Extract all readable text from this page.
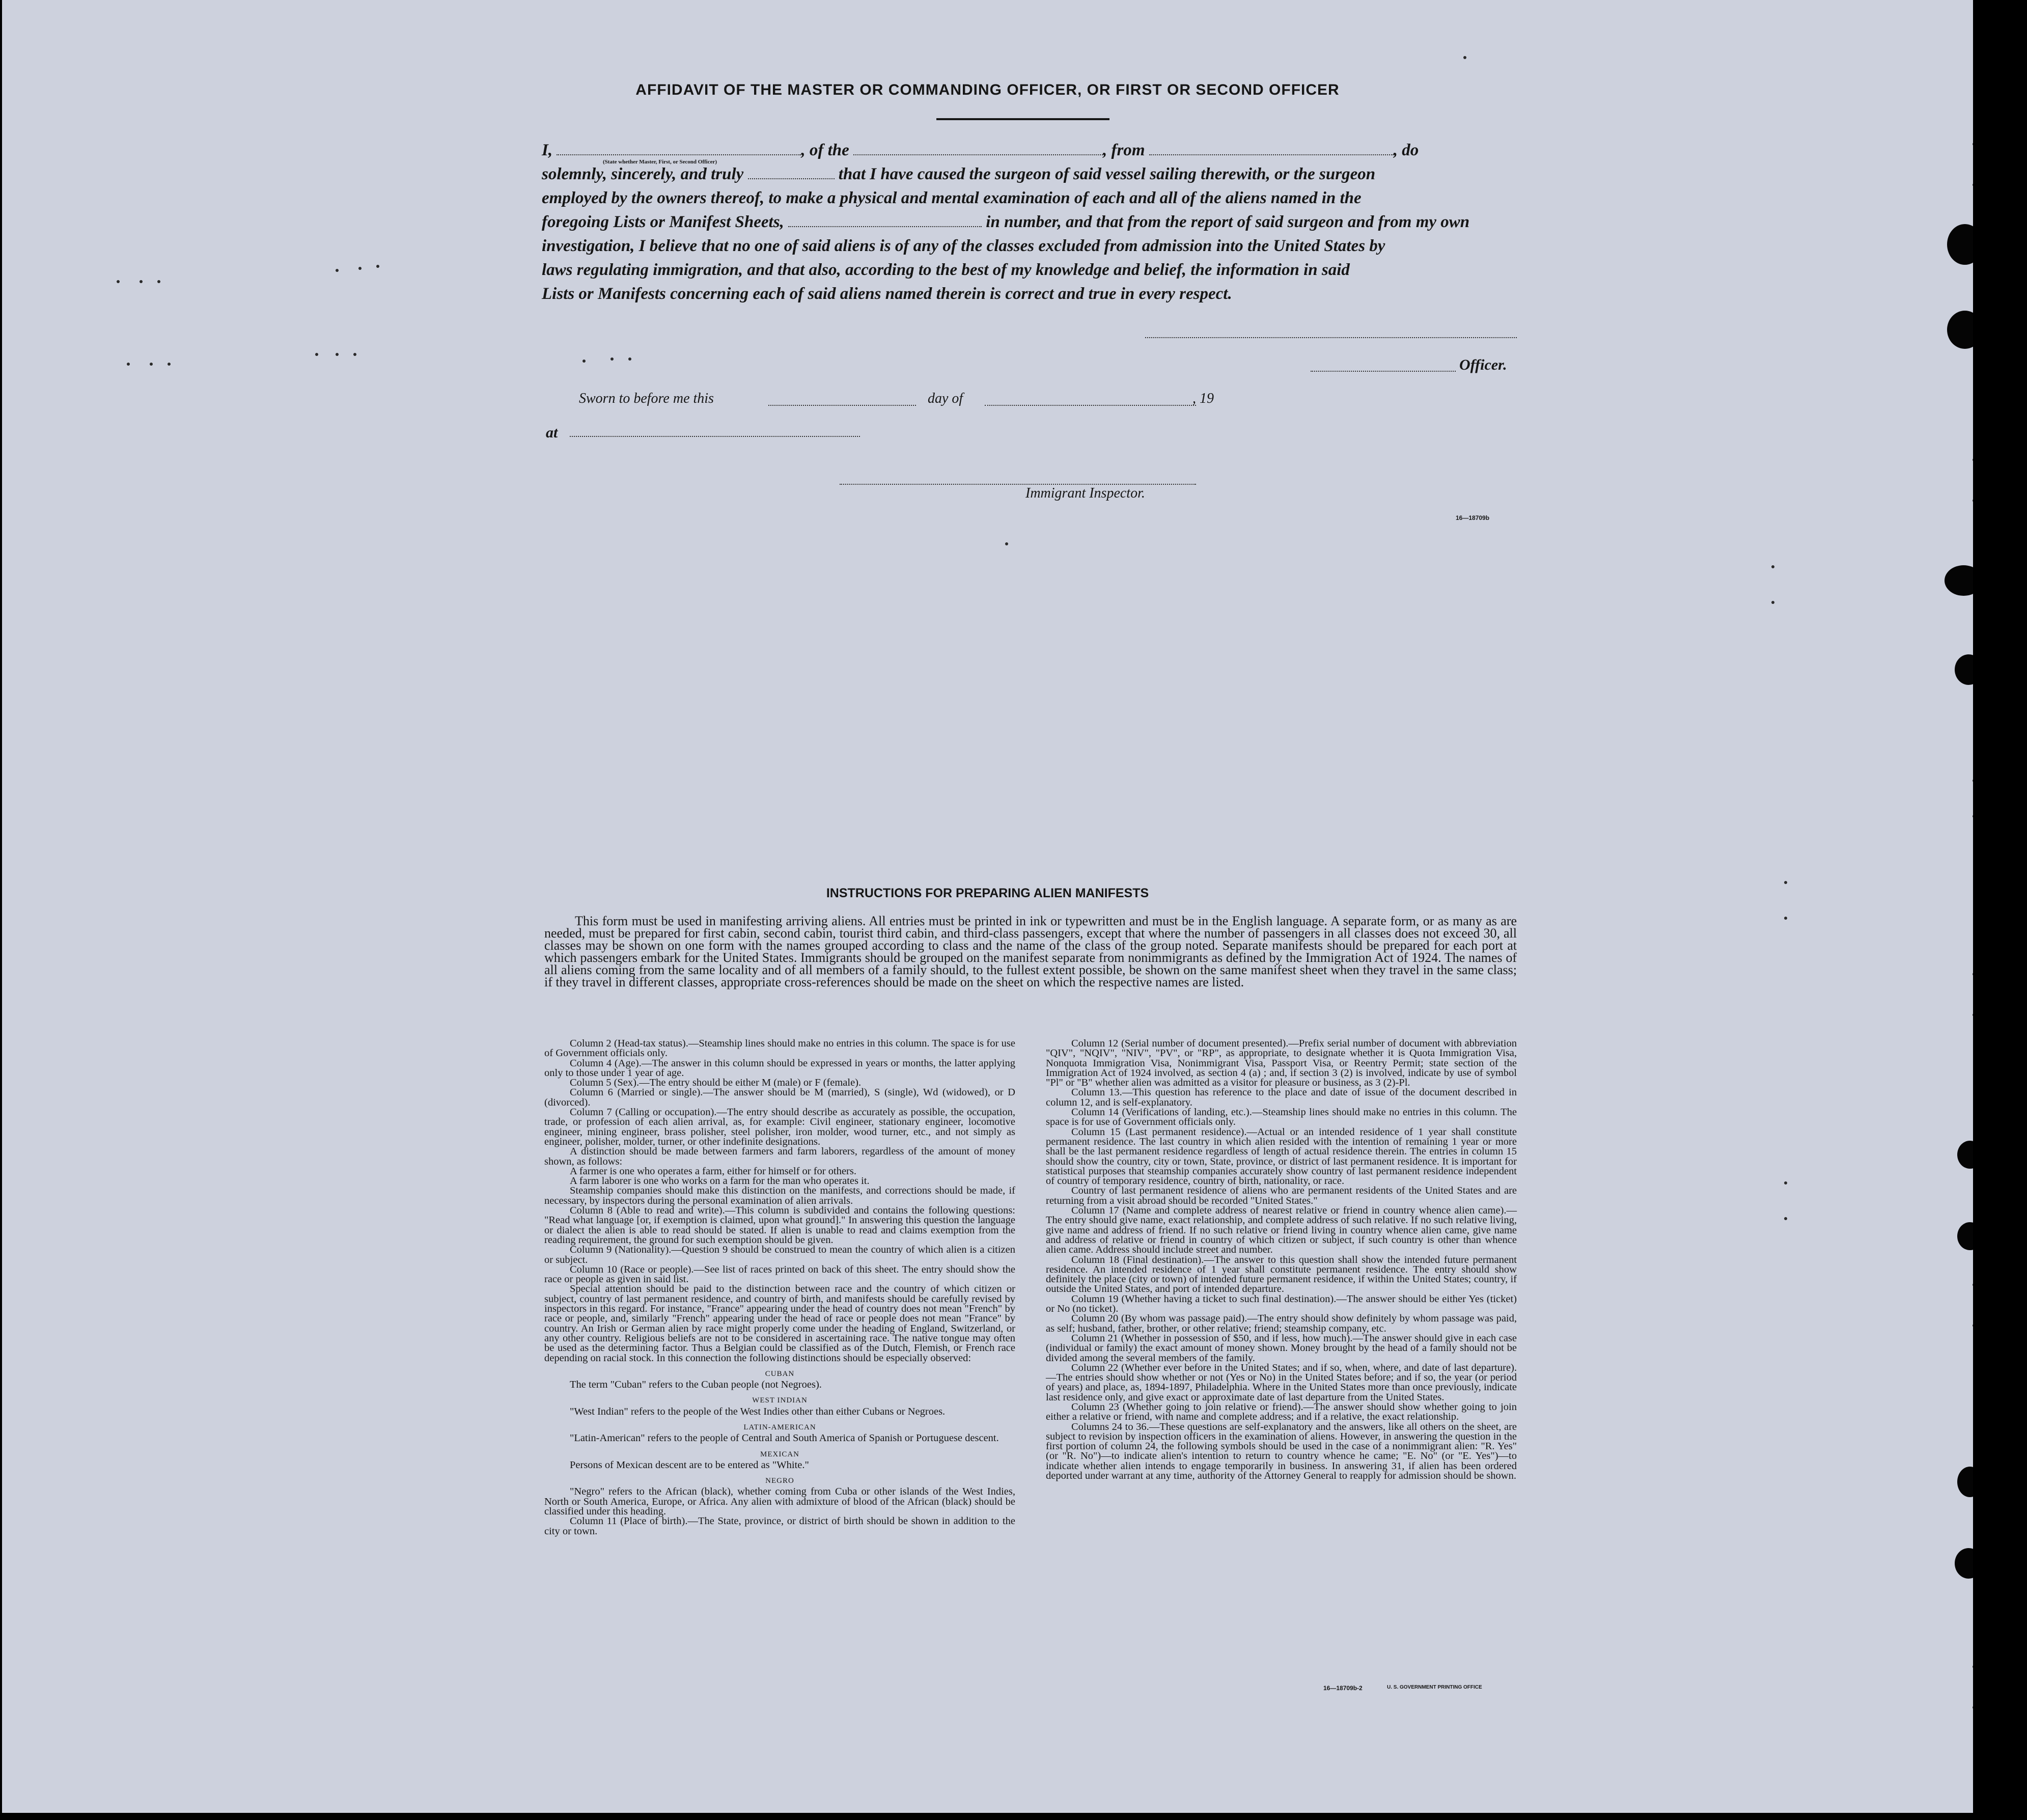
AFFIDAVIT OF THE MASTER OR COMMANDING OFFICER, OR FIRST OR SECOND OFFICER

I,	, of the	, from	, do

solemnly, sincerely, and truly	that I have caused the surgeon of said vessel sailing therewith, or the surgeon

employed by the owners thereof, to make a physical and mental examination of each and all of the aliens named in the

foregoing Lists or Manifest Sheets,	in number, and that from the report of said surgeon and from my own

investigation, I believe that no one of said aliens is of any of the classes excluded from admission into the United States by

laws regulating immigration, and that also, according to the best of my knowledge and belief, the information in said

Lists or Manifests concerning each of said aliens named therein is correct and true in every respect.

(State whether Master, First, or Second Officer)
Officer.
Sworn to before me this	day of	, 19
at
Immigrant Inspector.
16—18709b
INSTRUCTIONS FOR PREPARING ALIEN MANIFESTS

This form must be used in manifesting arriving aliens. All entries must be printed in ink or typewritten and must be in the English language. A separate form, or as many as are needed, must be prepared for first cabin, second cabin, tourist third cabin, and third-class passengers, except that where the number of passengers in all classes does not exceed 30, all classes may be shown on one form with the names grouped according to class and the name of the class of the group noted. Separate manifests should be prepared for each port at which passengers embark for the United States. Immigrants should be grouped on the manifest separate from nonimmigrants as defined by the Immigration Act of 1924. The names of all aliens coming from the same locality and of all members of a family should, to the fullest extent possible, be shown on the same manifest sheet when they travel in the same class; if they travel in different classes, appropriate cross-references should be made on the sheet on which the respective names are listed.

Column 2 (Head-tax status).—Steamship lines should make no entries in this column. The space is for use of Government officials only.

Column 4 (Age).—The answer in this column should be expressed in years or months, the latter applying only to those under 1 year of age.

Column 5 (Sex).—The entry should be either M (male) or F (female).

Column 6 (Married or single).—The answer should be M (married), S (single), Wd (widowed), or D (divorced).

Column 7 (Calling or occupation).—The entry should describe as accurately as possible, the occupation, trade, or profession of each alien arrival, as, for example: Civil engineer, stationary engineer, locomotive engineer, mining engineer, brass polisher, steel polisher, iron molder, wood turner, etc., and not simply as engineer, polisher, molder, turner, or other indefinite designations.

A distinction should be made between farmers and farm laborers, regardless of the amount of money shown, as follows:

A farmer is one who operates a farm, either for himself or for others.

A farm laborer is one who works on a farm for the man who operates it.

Steamship companies should make this distinction on the manifests, and corrections should be made, if necessary, by inspectors during the personal examination of alien arrivals.

Column 8 (Able to read and write).—This column is subdivided and contains the following questions: "Read what language [or, if exemption is claimed, upon what ground]." In answering this question the language or dialect the alien is able to read should be stated. If alien is unable to read and claims exemption from the reading requirement, the ground for such exemption should be given.

Column 9 (Nationality).—Question 9 should be construed to mean the country of which alien is a citizen or subject.

Column 10 (Race or people).—See list of races printed on back of this sheet. The entry should show the race or people as given in said list.

Special attention should be paid to the distinction between race and the country of which citizen or subject, country of last permanent residence, and country of birth, and manifests should be carefully revised by inspectors in this regard. For instance, "France" appearing under the head of country does not mean "French" by race or people, and, similarly "French" appearing under the head of race or people does not mean "France" by country. An Irish or German alien by race might properly come under the heading of England, Switzerland, or any other country. Religious beliefs are not to be considered in ascertaining race. The native tongue may often be used as the determining factor. Thus a Belgian could be classified as of the Dutch, Flemish, or French race depending on racial stock. In this connection the following distinctions should be especially observed:

CUBAN

The term "Cuban" refers to the Cuban people (not Negroes).

WEST INDIAN

"West Indian" refers to the people of the West Indies other than either Cubans or Negroes.

LATIN-AMERICAN

"Latin-American" refers to the people of Central and South America of Spanish or Portuguese descent.

MEXICAN

Persons of Mexican descent are to be entered as "White."

NEGRO

"Negro" refers to the African (black), whether coming from Cuba or other islands of the West Indies, North or South America, Europe, or Africa. Any alien with admixture of blood of the African (black) should be classified under this heading.

Column 11 (Place of birth).—The State, province, or district of birth should be shown in addition to the city or town.

Column 12 (Serial number of document presented).—Prefix serial number of document with abbreviation "QIV", "NQIV", "NIV", "PV", or "RP", as appropriate, to designate whether it is Quota Immigration Visa, Nonquota Immigration Visa, Nonimmigrant Visa, Passport Visa, or Reentry Permit; state section of the Immigration Act of 1924 involved, as section 4 (a) ; and, if section 3 (2) is involved, indicate by use of symbol "Pl" or "B" whether alien was admitted as a visitor for pleasure or business, as 3 (2)-Pl.

Column 13.—This question has reference to the place and date of issue of the document described in column 12, and is self-explanatory.

Column 14 (Verifications of landing, etc.).—Steamship lines should make no entries in this column. The space is for use of Government officials only.

Column 15 (Last permanent residence).—Actual or an intended residence of 1 year shall constitute permanent residence. The last country in which alien resided with the intention of remaining 1 year or more shall be the last permanent residence regardless of length of actual residence therein. The entries in column 15 should show the country, city or town, State, province, or district of last permanent residence. It is important for statistical purposes that steamship companies accurately show country of last permanent residence independent of country of temporary residence, country of birth, nationality, or race.

Country of last permanent residence of aliens who are permanent residents of the United States and are returning from a visit abroad should be recorded "United States."

Column 17 (Name and complete address of nearest relative or friend in country whence alien came).—The entry should give name, exact relationship, and complete address of such relative. If no such relative living, give name and address of friend. If no such relative or friend living in country whence alien came, give name and address of relative or friend in country of which citizen or subject, if such country is other than whence alien came. Address should include street and number.

Column 18 (Final destination).—The answer to this question shall show the intended future permanent residence. An intended residence of 1 year shall constitute permanent residence. The entry should show definitely the place (city or town) of intended future permanent residence, if within the United States; country, if outside the United States, and port of intended departure.

Column 19 (Whether having a ticket to such final destination).—The answer should be either Yes (ticket) or No (no ticket).

Column 20 (By whom was passage paid).—The entry should show definitely by whom passage was paid, as self; husband, father, brother, or other relative; friend; steamship company, etc.

Column 21 (Whether in possession of $50, and if less, how much).—The answer should give in each case (individual or family) the exact amount of money shown. Money brought by the head of a family should not be divided among the several members of the family.

Column 22 (Whether ever before in the United States; and if so, when, where, and date of last departure).—The entries should show whether or not (Yes or No) in the United States before; and if so, the year (or period of years) and place, as, 1894-1897, Philadelphia. Where in the United States more than once previously, indicate last residence only, and give exact or approximate date of last departure from the United States.

Column 23 (Whether going to join relative or friend).—The answer should show whether going to join either a relative or friend, with name and complete address; and if a relative, the exact relationship.

Columns 24 to 36.—These questions are self-explanatory and the answers, like all others on the sheet, are subject to revision by inspection officers in the examination of aliens. However, in answering the question in the first portion of column 24, the following symbols should be used in the case of a nonimmigrant alien: "R. Yes" (or "R. No")—to indicate alien's intention to return to country whence he came; "E. No" (or "E. Yes")—to indicate whether alien intends to engage temporarily in business. In answering 31, if alien has been ordered deported under warrant at any time, authority of the Attorney General to reapply for admission should be shown.

16—18709b-2	U. S. GOVERNMENT PRINTING OFFICE
